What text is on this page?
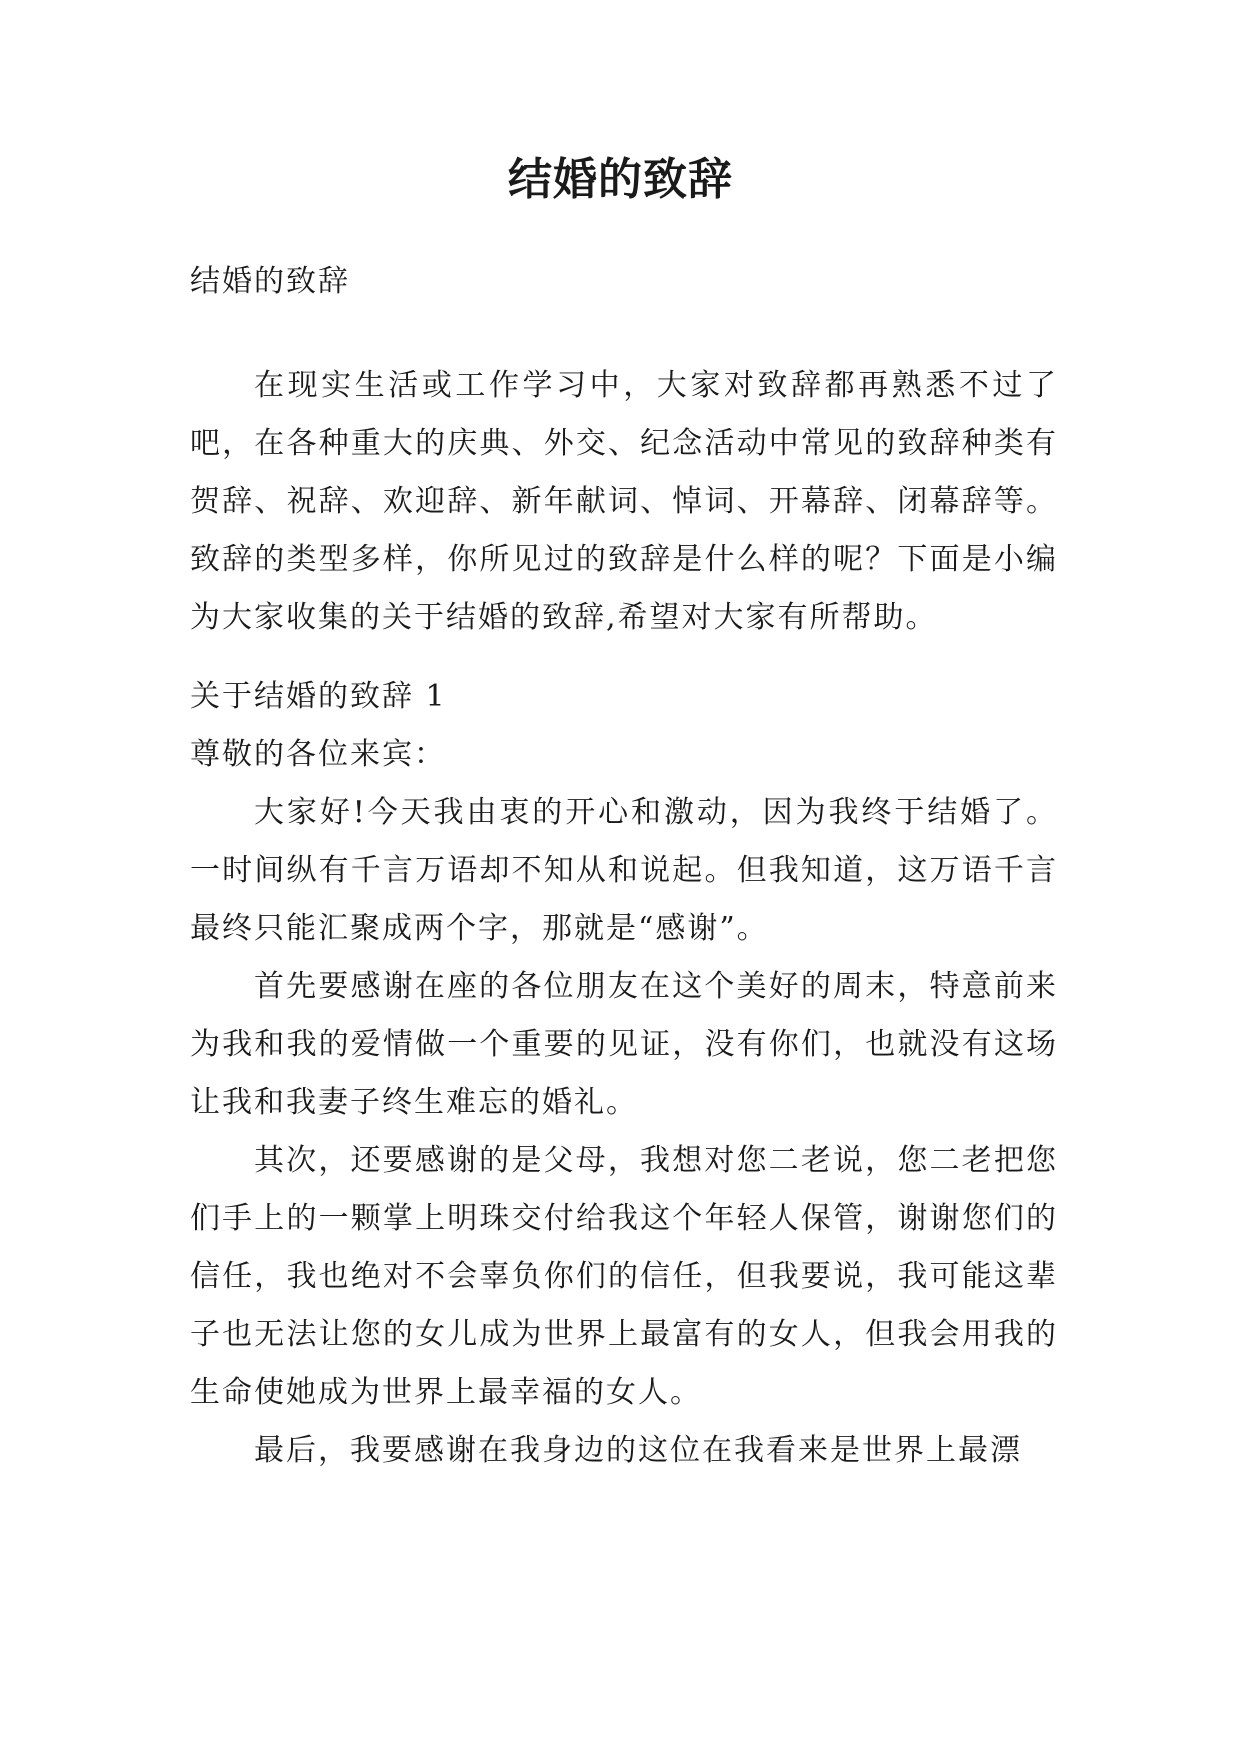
结婚的致辞
结婚的致辞

在现实生活或工作学习中，大家对致辞都再熟悉不过了吧，在各种重大的庆典、外交、纪念活动中常见的致辞种类有贺辞、祝辞、欢迎辞、新年献词、悼词、开幕辞、闭幕辞等。致辞的类型多样，你所见过的致辞是什么样的呢？下面是小编为大家收集的关于结婚的致辞,希望对大家有所帮助。

关于结婚的致辞 1

尊敬的各位来宾：

大家好!今天我由衷的开心和激动，因为我终于结婚了。一时间纵有千言万语却不知从和说起。但我知道，这万语千言最终只能汇聚成两个字，那就是“感谢”。

首先要感谢在座的各位朋友在这个美好的周末，特意前来为我和我的爱情做一个重要的见证，没有你们，也就没有这场让我和我妻子终生难忘的婚礼。

其次，还要感谢的是父母，我想对您二老说，您二老把您们手上的一颗掌上明珠交付给我这个年轻人保管，谢谢您们的信任，我也绝对不会辜负你们的信任，但我要说，我可能这辈子也无法让您的女儿成为世界上最富有的女人，但我会用我的生命使她成为世界上最幸福的女人。

最后，我要感谢在我身边的这位在我看来是世界上最漂
